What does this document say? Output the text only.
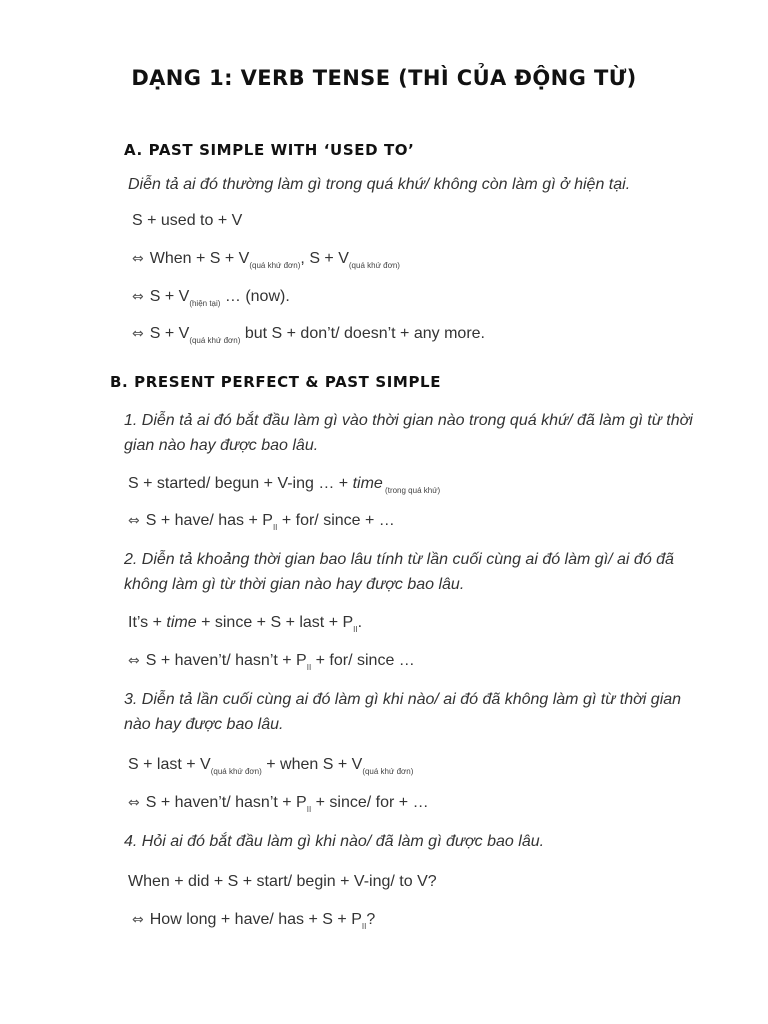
DẠNG 1: VERB TENSE (THÌ CỦA ĐỘNG TỪ)
A. PAST SIMPLE WITH ‘USED TO’
Diễn tả ai đó thường làm gì trong quá khứ/ không còn làm gì ở hiện tại.
S + used to + V
⇔ When + $S + V_{(quá khứ đơn)}$, $S + V_{(quá khứ đơn)}$
⇔ $S + V_{(hiện tại)}$ … (now).
⇔ $S + V_{(quá khứ đơn)}$ but S + don’t/ doesn’t + any more.
B. PRESENT PERFECT & PAST SIMPLE
1. Diễn tả ai đó bắt đầu làm gì vào thời gian nào trong quá khứ/ đã làm gì từ thời gian nào hay được bao lâu.
S + started/ begun + V-ing … + time $_{(trong quá khứ)}$
⇔ S + have/ has + $P_{II} + for/$ since + …
2. Diễn tả khoảng thời gian bao lâu tính từ lần cuối cùng ai đó làm gì/ ai đó đã không làm gì từ thời gian nào hay được bao lâu.
It’s + time + since + S + last + $P_{II}$.
⇔ S + haven’t/ hasn’t + $P_{II} + for/$ since …
3. Diễn tả lần cuối cùng ai đó làm gì khi nào/ ai đó đã không làm gì từ thời gian nào hay được bao lâu.
S + last + $V_{(quá khứ đơn)}$ + when $S + V_{(quá khứ đơn)}$
⇔ S + haven’t/ hasn’t + $P_{II}$ + since/ for + …
4. Hỏi ai đó bắt đầu làm gì khi nào/ đã làm gì được bao lâu.
When + did + S + start/ begin + V-ing/ to V?
⇔ How long + have/ has + $S + P_{II}$?
